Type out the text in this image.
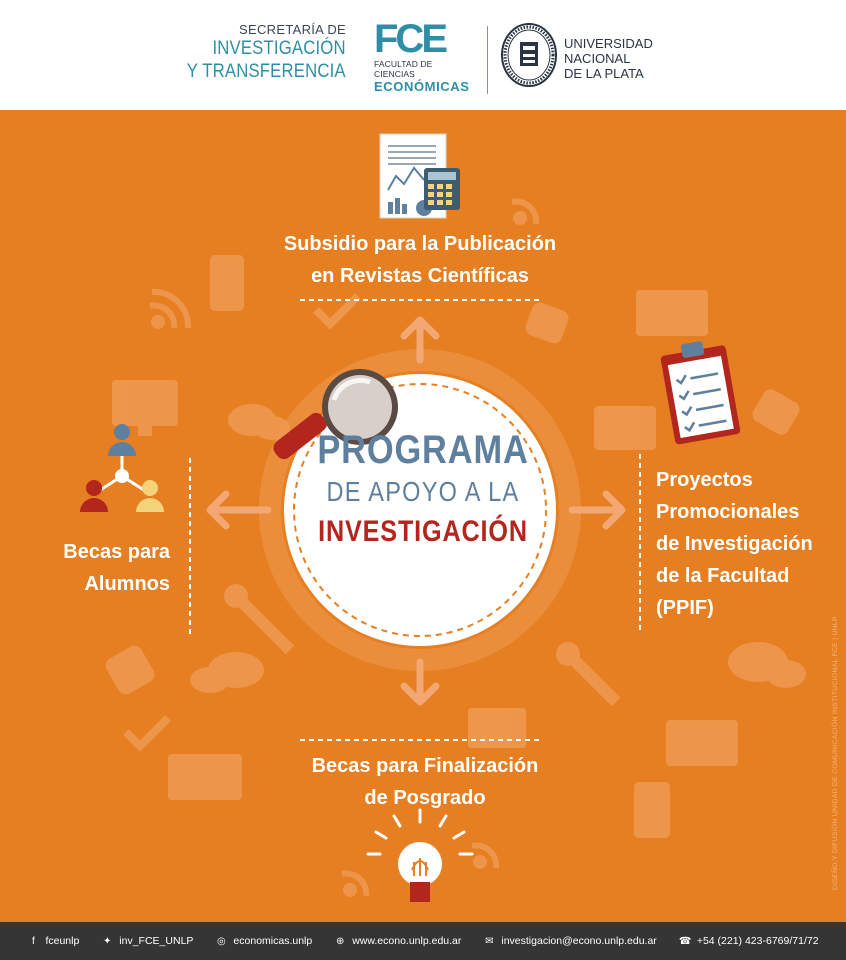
SECRETARÍA DE
INVESTIGACIÓN
Y TRANSFERENCIA
FCE
FACULTAD DE CIENCIAS
ECONÓMICAS
UNIVERSIDAD
NACIONAL
DE LA PLATA
Subsidio para la Publicación
en Revistas Científicas
Proyectos
Promocionales
de Investigación
de la Facultad
(PPIF)
Becas para Finalización
de Posgrado
Becas para
Alumnos
PROGRAMA
DE APOYO A LA
INVESTIGACIÓN
DISEÑO Y DIFUSIÓN UNIDAD DE COMUNICACIÓN INSTITUCIONAL FCE | UNLP
f	fceunlp ✦ inv_FCE_UNLP ◎ economicas.unlp ⊕ www.econo.unlp.edu.ar ✉ investigacion@econo.unlp.edu.ar ☎ +54 (221) 423-6769/71/72
